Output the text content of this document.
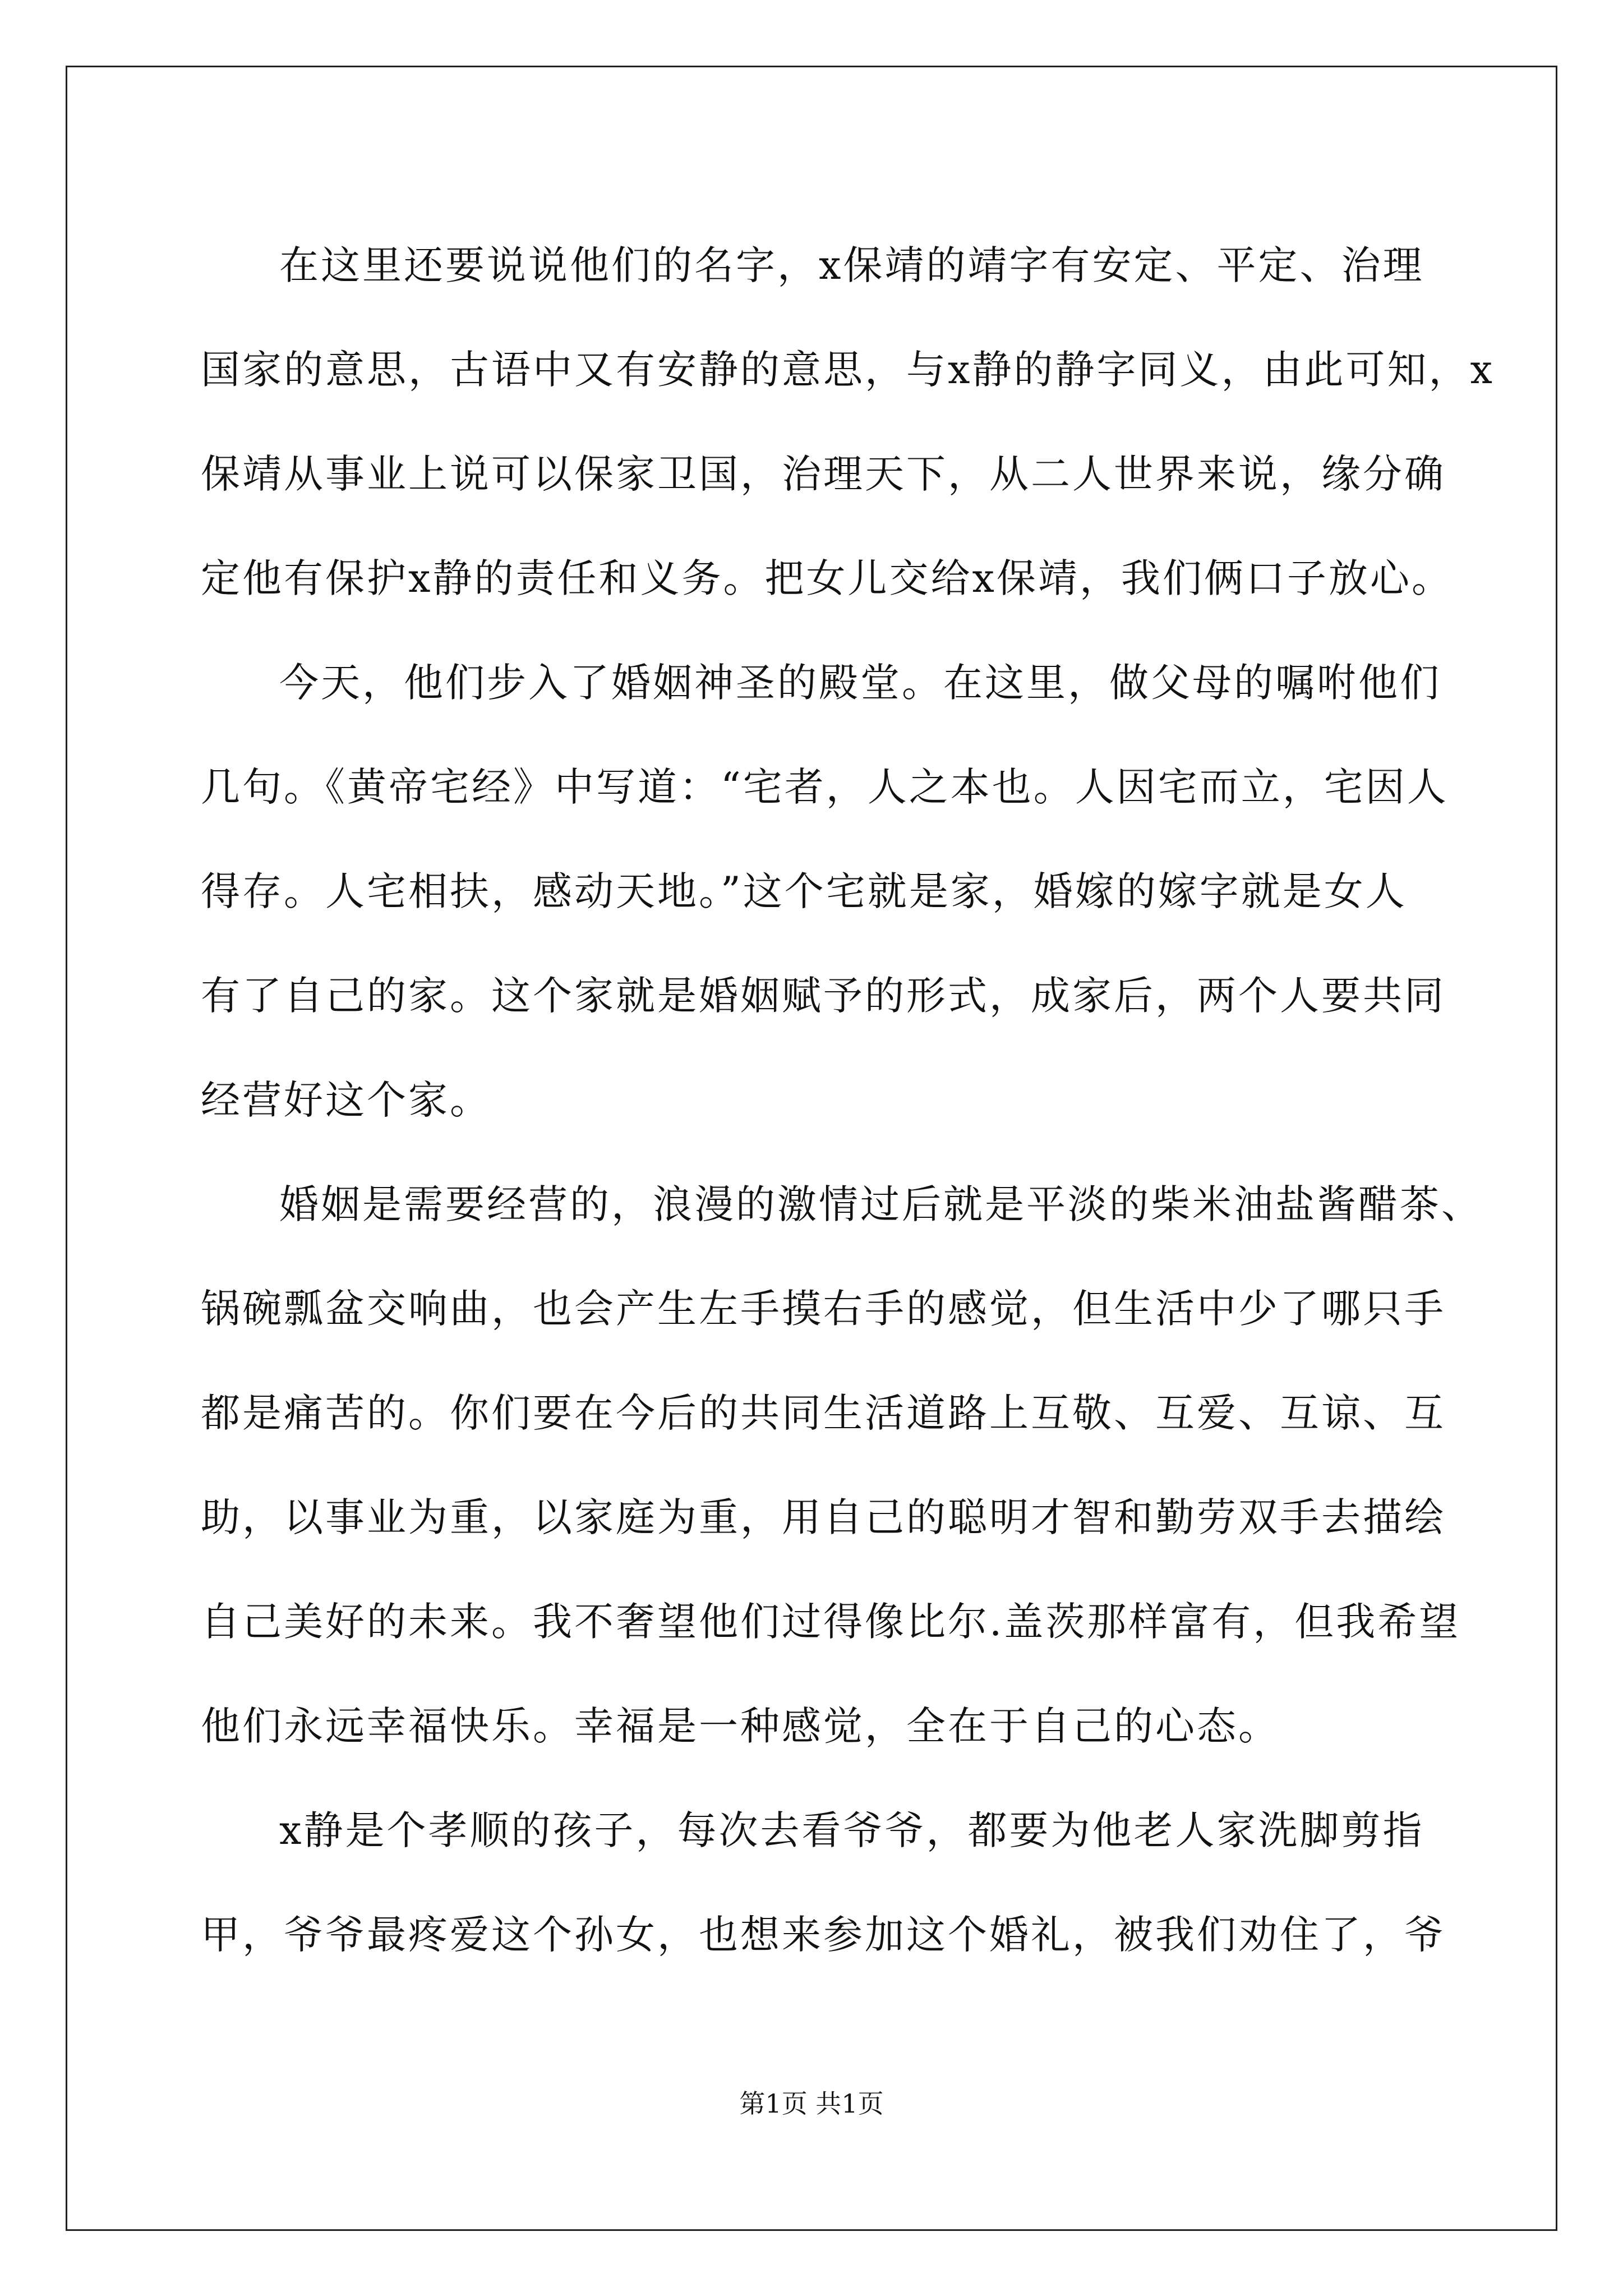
在这里还要说说他们的名字，x保靖的靖字有安定、平定、治理
国家的意思，古语中又有安静的意思，与x静的静字同义，由此可知，x
保靖从事业上说可以保家卫国，治理天下，从二人世界来说，缘分确
定他有保护x静的责任和义务。把女儿交给x保靖，我们俩口子放心。
今天，他们步入了婚姻神圣的殿堂。在这里，做父母的嘱咐他们
几句。《黄帝宅经》中写道：“宅者，人之本也。人因宅而立，宅因人
得存。人宅相扶，感动天地。”这个宅就是家，婚嫁的嫁字就是女人
有了自己的家。这个家就是婚姻赋予的形式，成家后，两个人要共同
经营好这个家。
婚姻是需要经营的，浪漫的激情过后就是平淡的柴米油盐酱醋茶、
锅碗瓢盆交响曲，也会产生左手摸右手的感觉，但生活中少了哪只手
都是痛苦的。你们要在今后的共同生活道路上互敬、互爱、互谅、互
助，以事业为重，以家庭为重，用自己的聪明才智和勤劳双手去描绘
自己美好的未来。我不奢望他们过得像比尔.盖茨那样富有，但我希望
他们永远幸福快乐。幸福是一种感觉，全在于自己的心态。
x静是个孝顺的孩子，每次去看爷爷，都要为他老人家洗脚剪指
甲，爷爷最疼爱这个孙女，也想来参加这个婚礼，被我们劝住了，爷
第1页 共1页
